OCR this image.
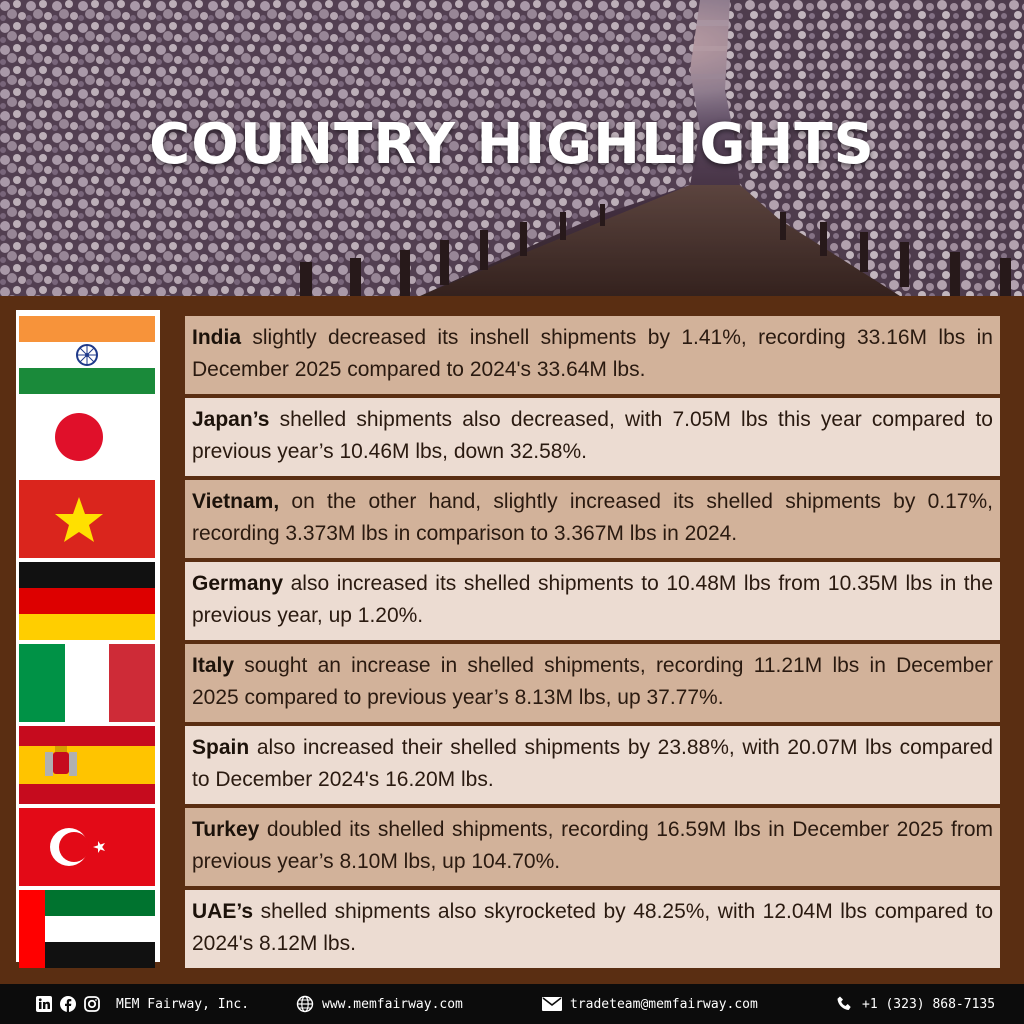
COUNTRY HIGHLIGHTS
India slightly decreased its inshell shipments by 1.41%, recording 33.16M lbs in December 2025 compared to 2024's 33.64M lbs.
Japan’s shelled shipments also decreased, with 7.05M lbs this year compared to previous year’s 10.46M lbs, down 32.58%.
Vietnam, on the other hand, slightly increased its shelled shipments by 0.17%, recording 3.373M lbs in comparison to 3.367M lbs in 2024.
Germany also increased its shelled shipments to 10.48M lbs from 10.35M lbs in the previous year, up 1.20%.
Italy sought an increase in shelled shipments, recording 11.21M lbs in December 2025 compared to previous year’s 8.13M lbs, up 37.77%.
Spain also increased their shelled shipments by 23.88%, with 20.07M lbs compared to December 2024's 16.20M lbs.
Turkey doubled its shelled shipments, recording 16.59M lbs in December 2025 from previous year’s 8.10M lbs, up 104.70%.
UAE’s shelled shipments also skyrocketed by 48.25%, with 12.04M lbs compared to 2024's 8.12M lbs.
MEM Fairway, Inc.	www.memfairway.com	tradeteam@memfairway.com	+1 (323) 868-7135
